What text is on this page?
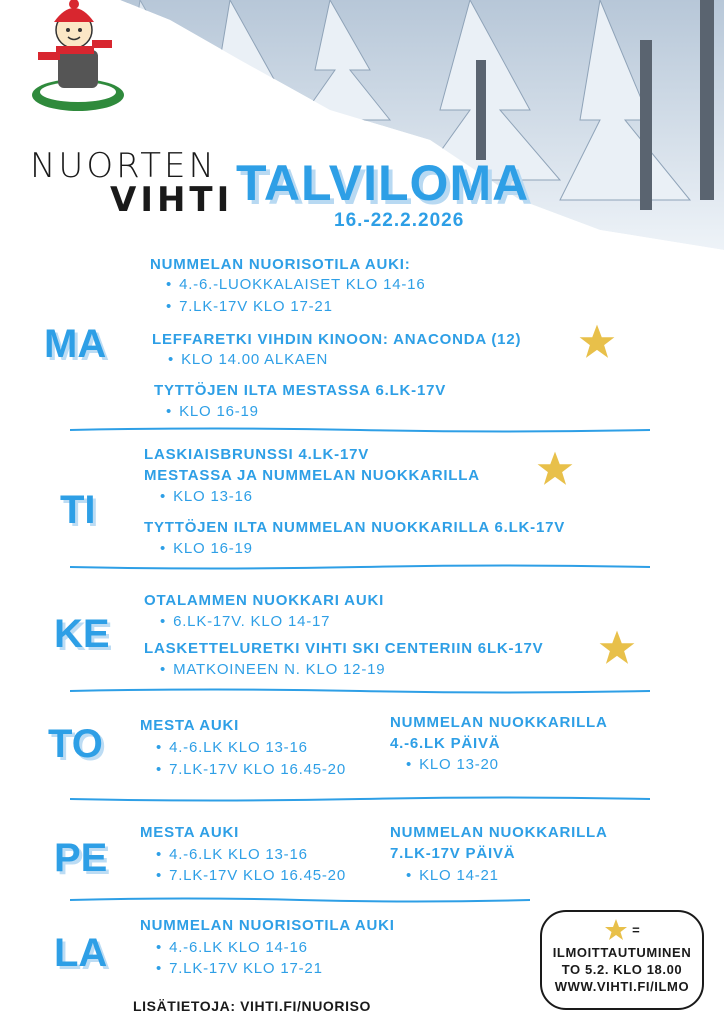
NUORTEN
VIHTI TALVILOMA
16.-22.2.2026
MA
NUMMELAN NUORISOTILA AUKI:
• 4.-6.-LUOKKALAISET KLO 14-16
• 7.LK-17V KLO 17-21
LEFFARETKI VIHDIN KINOON: ANACONDA (12)
• KLO 14.00 ALKAEN
TYTTÖJEN ILTA MESTASSA 6.LK-17V
• KLO 16-19
TI
LASKIAISBRUNSSI 4.LK-17V
MESTASSA JA NUMMELAN NUOKKARILLA
• KLO 13-16
TYTTÖJEN ILTA NUMMELAN NUOKKARILLA 6.LK-17V
• KLO 16-19
KE
OTALAMMEN NUOKKARI AUKI
• 6.LK-17V. KLO 14-17
LASKETTELURETKI VIHTI SKI CENTERIIN 6LK-17V
• MATKOINEEN N. KLO 12-19
TO MESTA AUKI
• 4.-6.LK KLO 13-16
• 7.LK-17V KLO 16.45-20
NUMMELAN NUOKKARILLA
4.-6.LK PÄIVÄ
• KLO 13-20
PE
MESTA AUKI
• 4.-6.LK KLO 13-16
• 7.LK-17V KLO 16.45-20
NUMMELAN NUOKKARILLA
7.LK-17V PÄIVÄ
• KLO 14-21
LA
NUMMELAN NUORISOTILA AUKI
• 4.-6.LK KLO 14-16
• 7.LK-17V KLO 17-21
=
ILMOITTAUTUMINEN
TO 5.2. KLO 18.00
WWW.VIHTI.FI/ILMO
LISÄTIETOJA: VIHTI.FI/NUORISO
